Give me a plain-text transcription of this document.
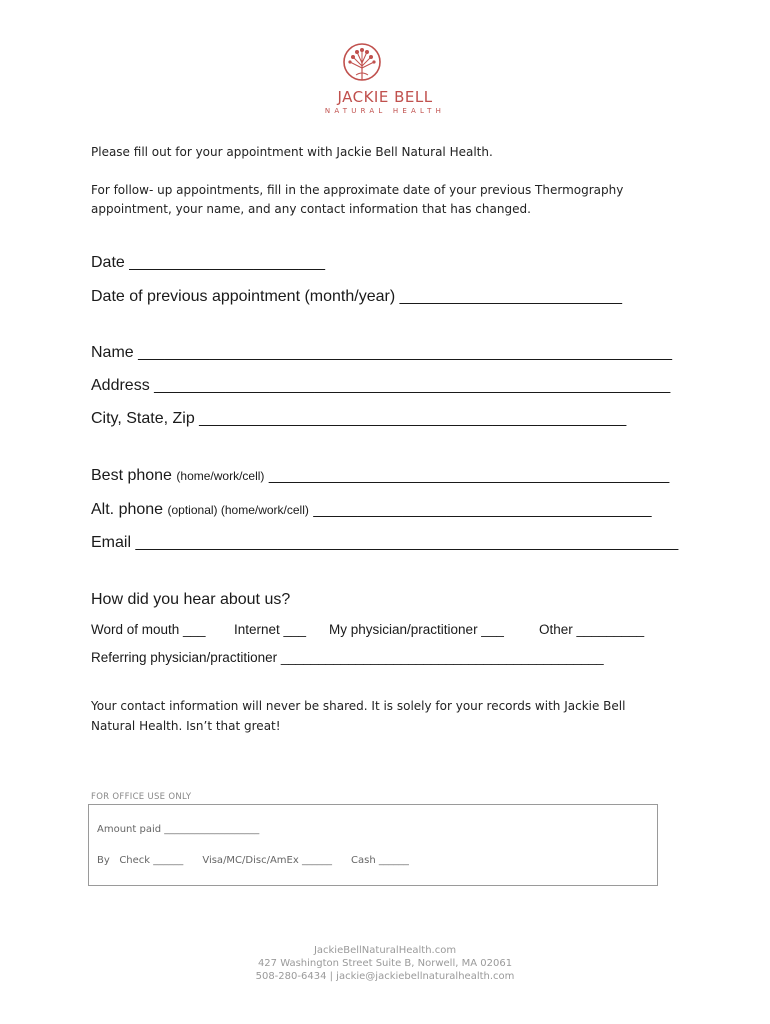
JACKIE BELL
NATURAL HEALTH
Please fill out for your appointment with Jackie Bell Natural Health.
For follow- up appointments, fill in the approximate date of your previous Thermography
appointment, your name, and any contact information that has changed.
Date ______________________
Date of previous appointment (month/year) _________________________
Name ____________________________________________________________
Address __________________________________________________________
City, State, Zip ________________________________________________
Best phone (home/work/cell) _____________________________________________
Alt. phone (optional) (home/work/cell) ______________________________________
Email _____________________________________________________________
How did you hear about us?
Word of mouth ___ Internet ___ My physician/practitioner ___	Other _________
Referring physician/practitioner ___________________________________________
Your contact information will never be shared. It is solely for your records with Jackie Bell
Natural Health. Isn’t that great!
FOR OFFICE USE ONLY
Amount paid ___________________
By   Check ______      Visa/MC/Disc/AmEx ______      Cash ______
JackieBellNaturalHealth.com
427 Washington Street Suite B, Norwell, MA 02061
508-280-6434 | jackie@jackiebellnaturalhealth.com
